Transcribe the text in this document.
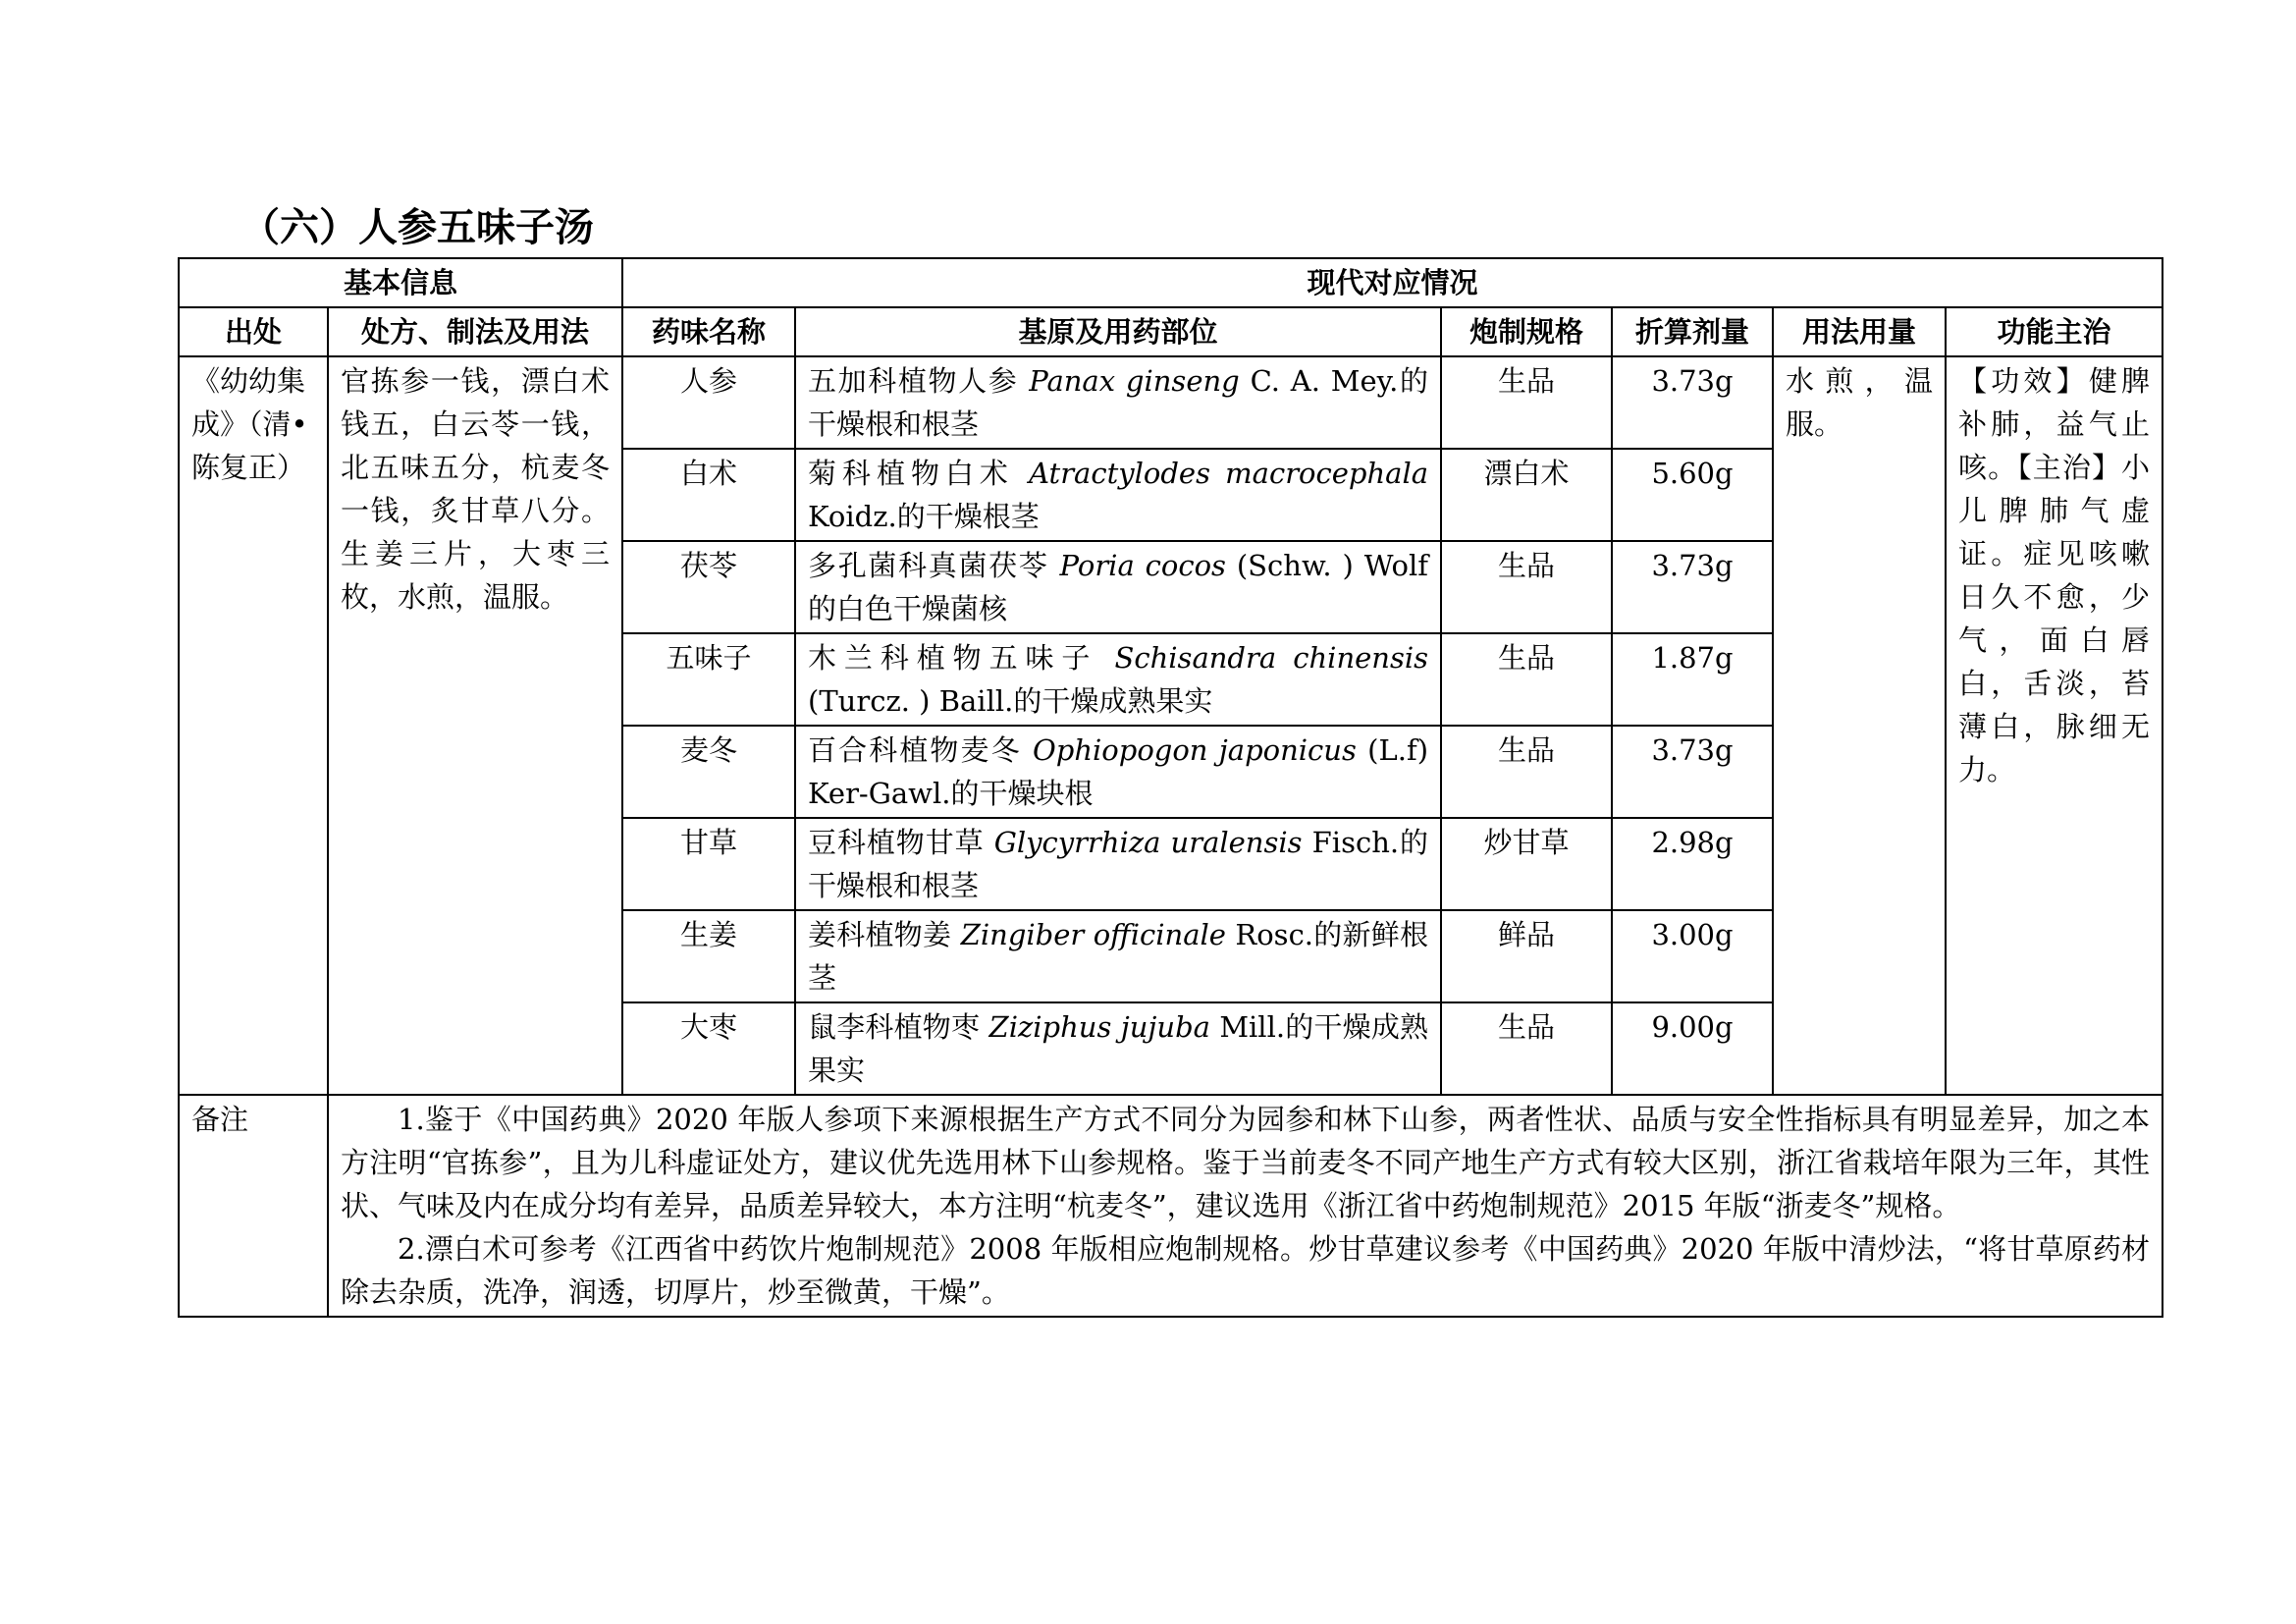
（六）人参五味子汤
基本信息		现代对应情况					
出处	处方、制法及用法	药味名称	基原及用药部位	炮制规格	折算剂量	用法用量	功能主治
《幼幼集成》（清•陈复正）	官拣参一钱，漂白术钱五，白云苓一钱，北五味五分，杭麦冬一钱，炙甘草八分。生姜三片，大枣三枚，水煎，温服。	人参	五加科植物人参 Panax ginseng C. A. Mey.的干燥根和根茎	生品	3.73g	水煎，温服。	【功效】健脾补肺，益气止咳。【主治】小儿脾肺气虚证。症见咳嗽日久不愈，少气，面白唇白，舌淡，苔薄白，脉细无力。
		白术	菊科植物白术 Atractylodes macrocephala Koidz.的干燥根茎	漂白术	5.60g		
		茯苓	多孔菌科真菌茯苓 Poria cocos (Schw. ) Wolf 的白色干燥菌核	生品	3.73g		
		五味子	木兰科植物五味子 Schisandra chinensis (Turcz. ) Baill.的干燥成熟果实	生品	1.87g		
		麦冬	百合科植物麦冬 Ophiopogon japonicus (L.f) Ker-Gawl.的干燥块根	生品	3.73g		
		甘草	豆科植物甘草 Glycyrrhiza uralensis Fisch.的干燥根和根茎	炒甘草	2.98g		
		生姜	姜科植物姜 Zingiber officinale Rosc.的新鲜根茎	鲜品	3.00g		
		大枣	鼠李科植物枣 Ziziphus jujuba Mill.的干燥成熟果实	生品	9.00g		
备注	1.鉴于《中国药典》2020 年版人参项下来源根据生产方式不同分为园参和林下山参，两者性状、品质与安全性指标具有明显差异，加之本方注明“官拣参”，且为儿科虚证处方，建议优先选用林下山参规格。鉴于当前麦冬不同产地生产方式有较大区别，浙江省栽培年限为三年，其性状、气味及内在成分均有差异，品质差异较大，本方注明“杭麦冬”，建议选用《浙江省中药炮制规范》2015 年版“浙麦冬”规格。

2.漂白术可参考《江西省中药饮片炮制规范》2008 年版相应炮制规格。炒甘草建议参考《中国药典》2020 年版中清炒法，“将甘草原药材除去杂质，洗净，润透，切厚片，炒至微黄，干燥”。						
